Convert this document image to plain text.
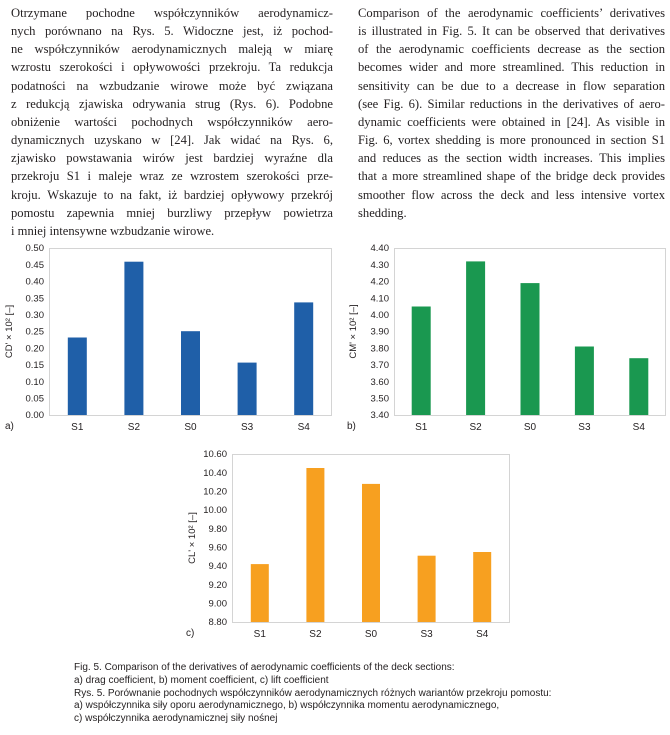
Otrzymane pochodne współczynników aerodynamicz-
nych porównano na Rys. 5. Widoczne jest, iż pochod-
ne współczynników aerodynamicznych maleją w miarę
wzrostu szerokości i opływowości przekroju. Ta redukcja
podatności na wzbudzanie wirowe może być związana
z redukcją zjawiska odrywania strug (Rys. 6). Podobne
obniżenie wartości pochodnych współczynników aero-
dynamicznych uzyskano w [24]. Jak widać na Rys. 6,
zjawisko powstawania wirów jest bardziej wyraźne dla
przekroju S1 i maleje wraz ze wzrostem szerokości prze-
kroju. Wskazuje to na fakt, iż bardziej opływowy przekrój
pomostu zapewnia mniej burzliwy przepływ powietrza
i mniej intensywne wzbudzanie wirowe.

Comparison of the aerodynamic coefficients’ derivatives
is illustrated in Fig. 5. It can be observed that derivatives
of the aerodynamic coefficients decrease as the section
becomes wider and more streamlined. This reduction in
sensitivity can be due to a decrease in flow separation
(see Fig. 6). Similar reductions in the derivatives of aero-
dynamic coefficients were obtained in [24]. As visible in
Fig. 6, vortex shedding is more pronounced in section S1
and reduces as the section width increases. This implies
that a more streamlined shape of the bridge deck provides
smoother flow across the deck and less intensive vortex
shedding.

0.00
0.05
0.10
0.15
0.20
0.25
0.30
0.35
0.40
0.45
0.50
S1	S2	S0	S3	S4
CD' × 10² [–]
a)
3.40
3.50
3.60
3.70
3.80
3.90
4.00
4.10
4.20
4.30
4.40
S1	S2	S0	S3	S4
CM' × 10² [–]
b)
8.80
9.00
9.20
9.40
9.60
9.80
10.00
10.20
10.40
10.60
S1	S2	S0	S3	S4
CL' × 10² [–]
c)

Fig. 5. Comparison of the derivatives of aerodynamic coefficients of the deck sections:
a) drag coefficient, b) moment coefficient, c) lift coefficient
Rys. 5. Porównanie pochodnych współczynników aerodynamicznych różnych wariantów przekroju pomostu:
a) współczynnika siły oporu aerodynamicznego, b) współczynnika momentu aerodynamicznego,
c) współczynnika aerodynamicznej siły nośnej
